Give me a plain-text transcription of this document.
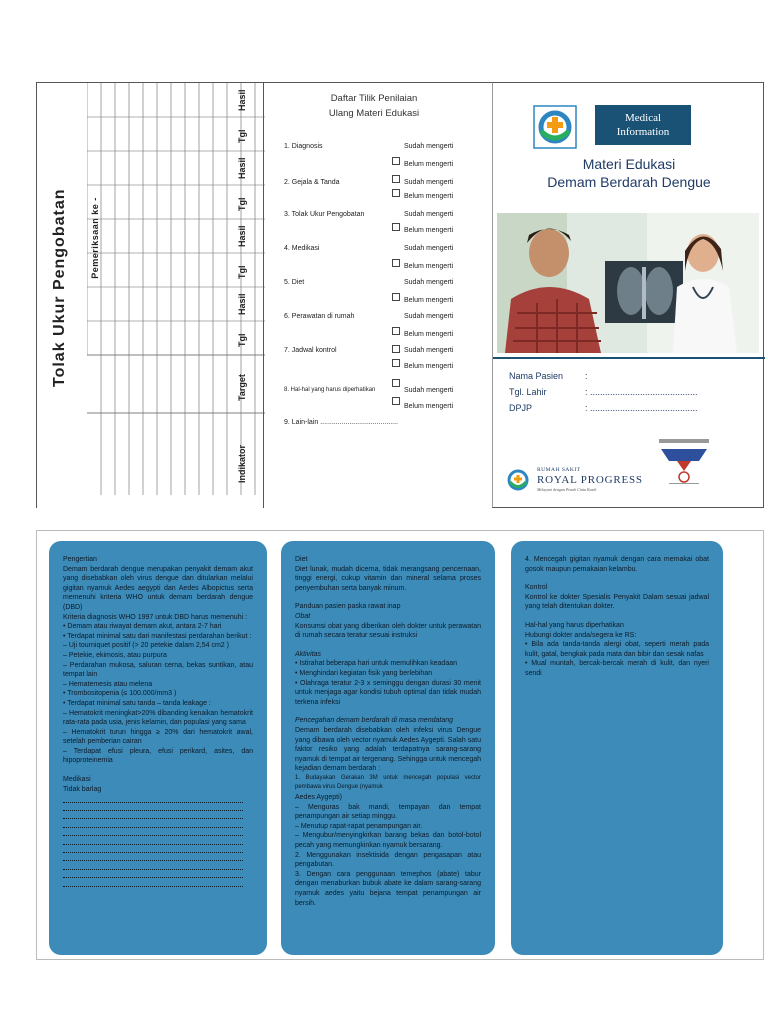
Tolak Ukur Pengobatan Pemeriksaan ke -
Hasil
Tgl
Hasil
Tgl
Hasil
Tgl
Hasil
Tgl
Target
Indikator
Daftar Tilik Penilaian
Ulang Materi Edukasi
1. Diagnosis	Sudah mengerti
Belum mengerti
2. Gejala & Tanda	Sudah mengerti
Belum mengerti
3. Tolak Ukur Pengobatan	Sudah mengerti
Belum mengerti
4. Medikasi	Sudah mengerti
Belum mengerti
5. Diet	Sudah mengerti
Belum mengerti
6. Perawatan di rumah	Sudah mengerti
Belum mengerti
7. Jadwal kontrol	Sudah mengerti
Belum mengerti
8. Hal-hal yang harus diperhatikan	Sudah mengerti
Belum mengerti
9. Lain-lain ........................................
Medical
Information
Materi Edukasi
Demam Berdarah Dengue
Nama Pasien :
Tgl. Lahir	: ...........................................
DPJP	: ...........................................
RUMAH SAKIT
ROYAL PROGRESS
Melayani dengan Penuh Cinta Kasih

Pengertian

Demam berdarah dengue merupakan penyakit demam akut yang disebabkan oleh virus dengue dan ditularkan melalui gigitan nyamuk Aedes aegypti dan Aedes Albopictus serta memenuhi kriteria WHO untuk demam berdarah dengue (DBD)

Kriteria diagnosis WHO 1997 untuk DBD harus memenuhi :

• Demam atau riwayat demam akut, antara 2-7 hari

• Terdapat minimal satu dari manifestasi perdarahan berikut :

– Uji tourniquet positif (> 20 petekie dalam 2,54 cm2 )

– Petekie, ekimosis, atau purpura

– Perdarahan mukosa, saluran cerna, bekas suntikan, atau tempat lain

– Hematemesis atau melena

• Trombositopenia (≤ 100.000/mm3 )

• Terdapat minimal satu tanda – tanda leakage :

– Hematokrit meningkat>20% dibanding kenaikan hematokrit rata-rata pada usia, jenis kelamin, dan populasi yang sama

– Hematokrit turun hingga ≥ 20% dari hematokrit awal, setelah pemberian cairan

– Terdapat efusi pleura, efusi perikard, asites, dan hipoproteinemia

Medikasi

Tidak barlag

Diet

Diet lunak, mudah dicerna, tidak merangsang pencernaan, tinggi energi, cukup vitamin dan mineral selama proses penyembuhan serta banyak minum.

Panduan pasien paska rawat inap

Obat

Konsumsi obat yang diberikan oleh dokter untuk perawatan di rumah secara teratur sesuai instruksi

Aktivitas

• Istirahat beberapa hari untuk memulihkan keadaan

• Menghindari kegiatan fisik yang berlebihan

• Olahraga teratur 2-3 x seminggu dengan durasi 30 menit untuk menjaga agar kondisi tubuh optimal dan tidak mudah terkena infeksi

Pencegahan demam berdarah di masa mendatang

Demam berdarah disebabkan oleh infeksi virus Dengue yang dibawa oleh vector nyamuk Aedes Aygepti. Salah satu faktor resiko yang adalah terdapatnya sarang-sarang nyamuk di tempat air tergenang. Sehingga untuk mencegah kejadian demam berdarah :

1. Budayakan Gerakan 3M untuk mencegah populasi vector pembawa virus Dengue (nyamuk

Aedes Aygepti)

– Menguras bak mandi, tempayan dan tempat penampungan air setiap minggu.

– Menutup rapat-rapat penampungan air.

– Mengubur/menyingkirkan barang bekas dan botol-botol pecah yang memungkinkan nyamuk bersarang.

2. Menggunakan insektisida dengan pengasapan atau pengabutan.

3. Dengan cara penggunaan temephos (abate) tabur dengan menaburkan bubuk abate ke dalam sarang-sarang nyamuk aedes yaitu bejana tempat penampungan air bersih.

4. Mencegah gigitan nyamuk dengan cara memakai obat gosok maupun pemakaian kelambu.

Kontrol

Kontrol ke dokter Spesialis Penyakit Dalam sesuai jadwal yang telah ditentukan dokter.

Hal-hal yang harus diperhatikan

Hubungi dokter anda/segera ke RS:

• Bila ada tanda-tanda alergi obat, seperti merah pada kulit, gatal, bengkak pada mata dan bibir dan sesak nafas

• Mual muntah, bercak-bercak merah di kulit, dan nyeri sendi
